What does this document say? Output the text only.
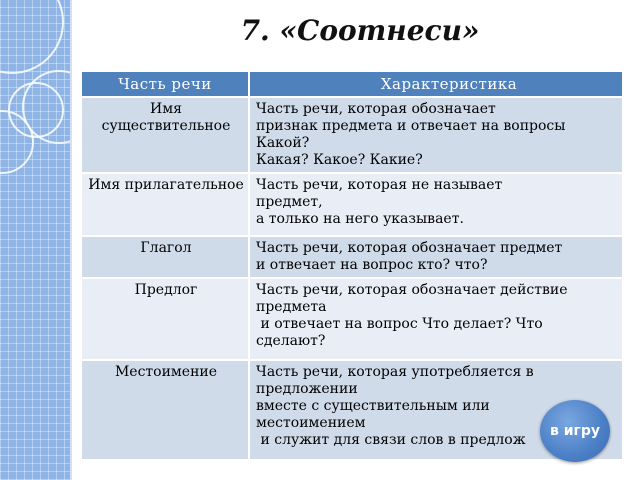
7. «Соотнеси»
Часть речи	Характеристика
Имя существительное	Часть речи, которая обозначает
признак предмета и отвечает на вопросы
Какой?
Какая? Какое? Какие?

Имя прилагательное	Часть речи, которая не называет
предмет,
а только на него указывает.

Глагол	Часть речи, которая обозначает предмет
и отвечает на вопрос кто? что?

Предлог	Часть речи, которая обозначает действие
предмета
и отвечает на вопрос Что делает? Что
сделают?

Местоимение	Часть речи, которая употребляется в
предложении
вместе с существительным или
местоимением
и служит для связи слов в предлож
в игру
